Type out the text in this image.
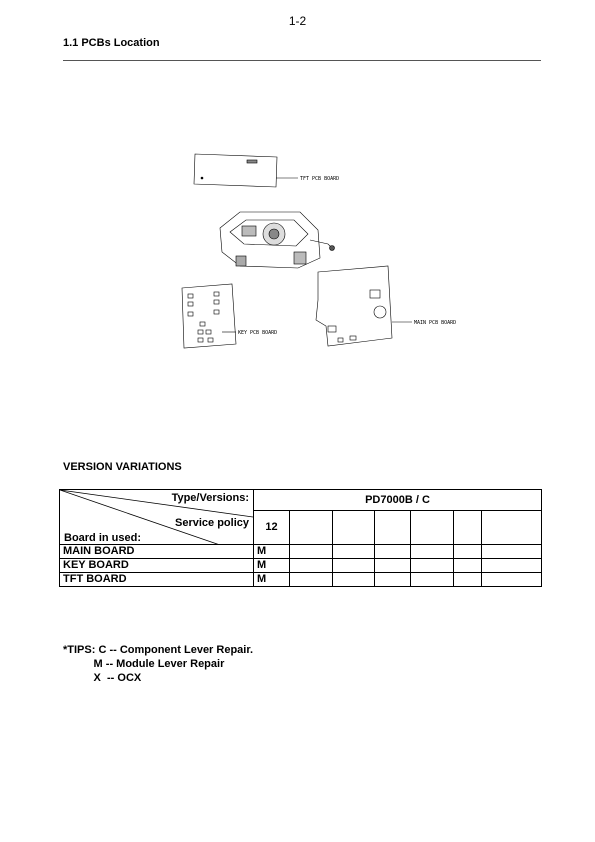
1-2
1.1 PCBs Location
TFT PCB BOARD
KEY PCB BOARD
MAIN PCB BOARD
VERSION VARIATIONS
Type/Versions:
Service policy
Board in used:	PD7000B / C						
	12						
MAIN BOARD	M						
KEY BOARD	M						
TFT BOARD	M						
*TIPS: C -- Component Lever Repair.
M -- Module Lever Repair
X  -- OCX
